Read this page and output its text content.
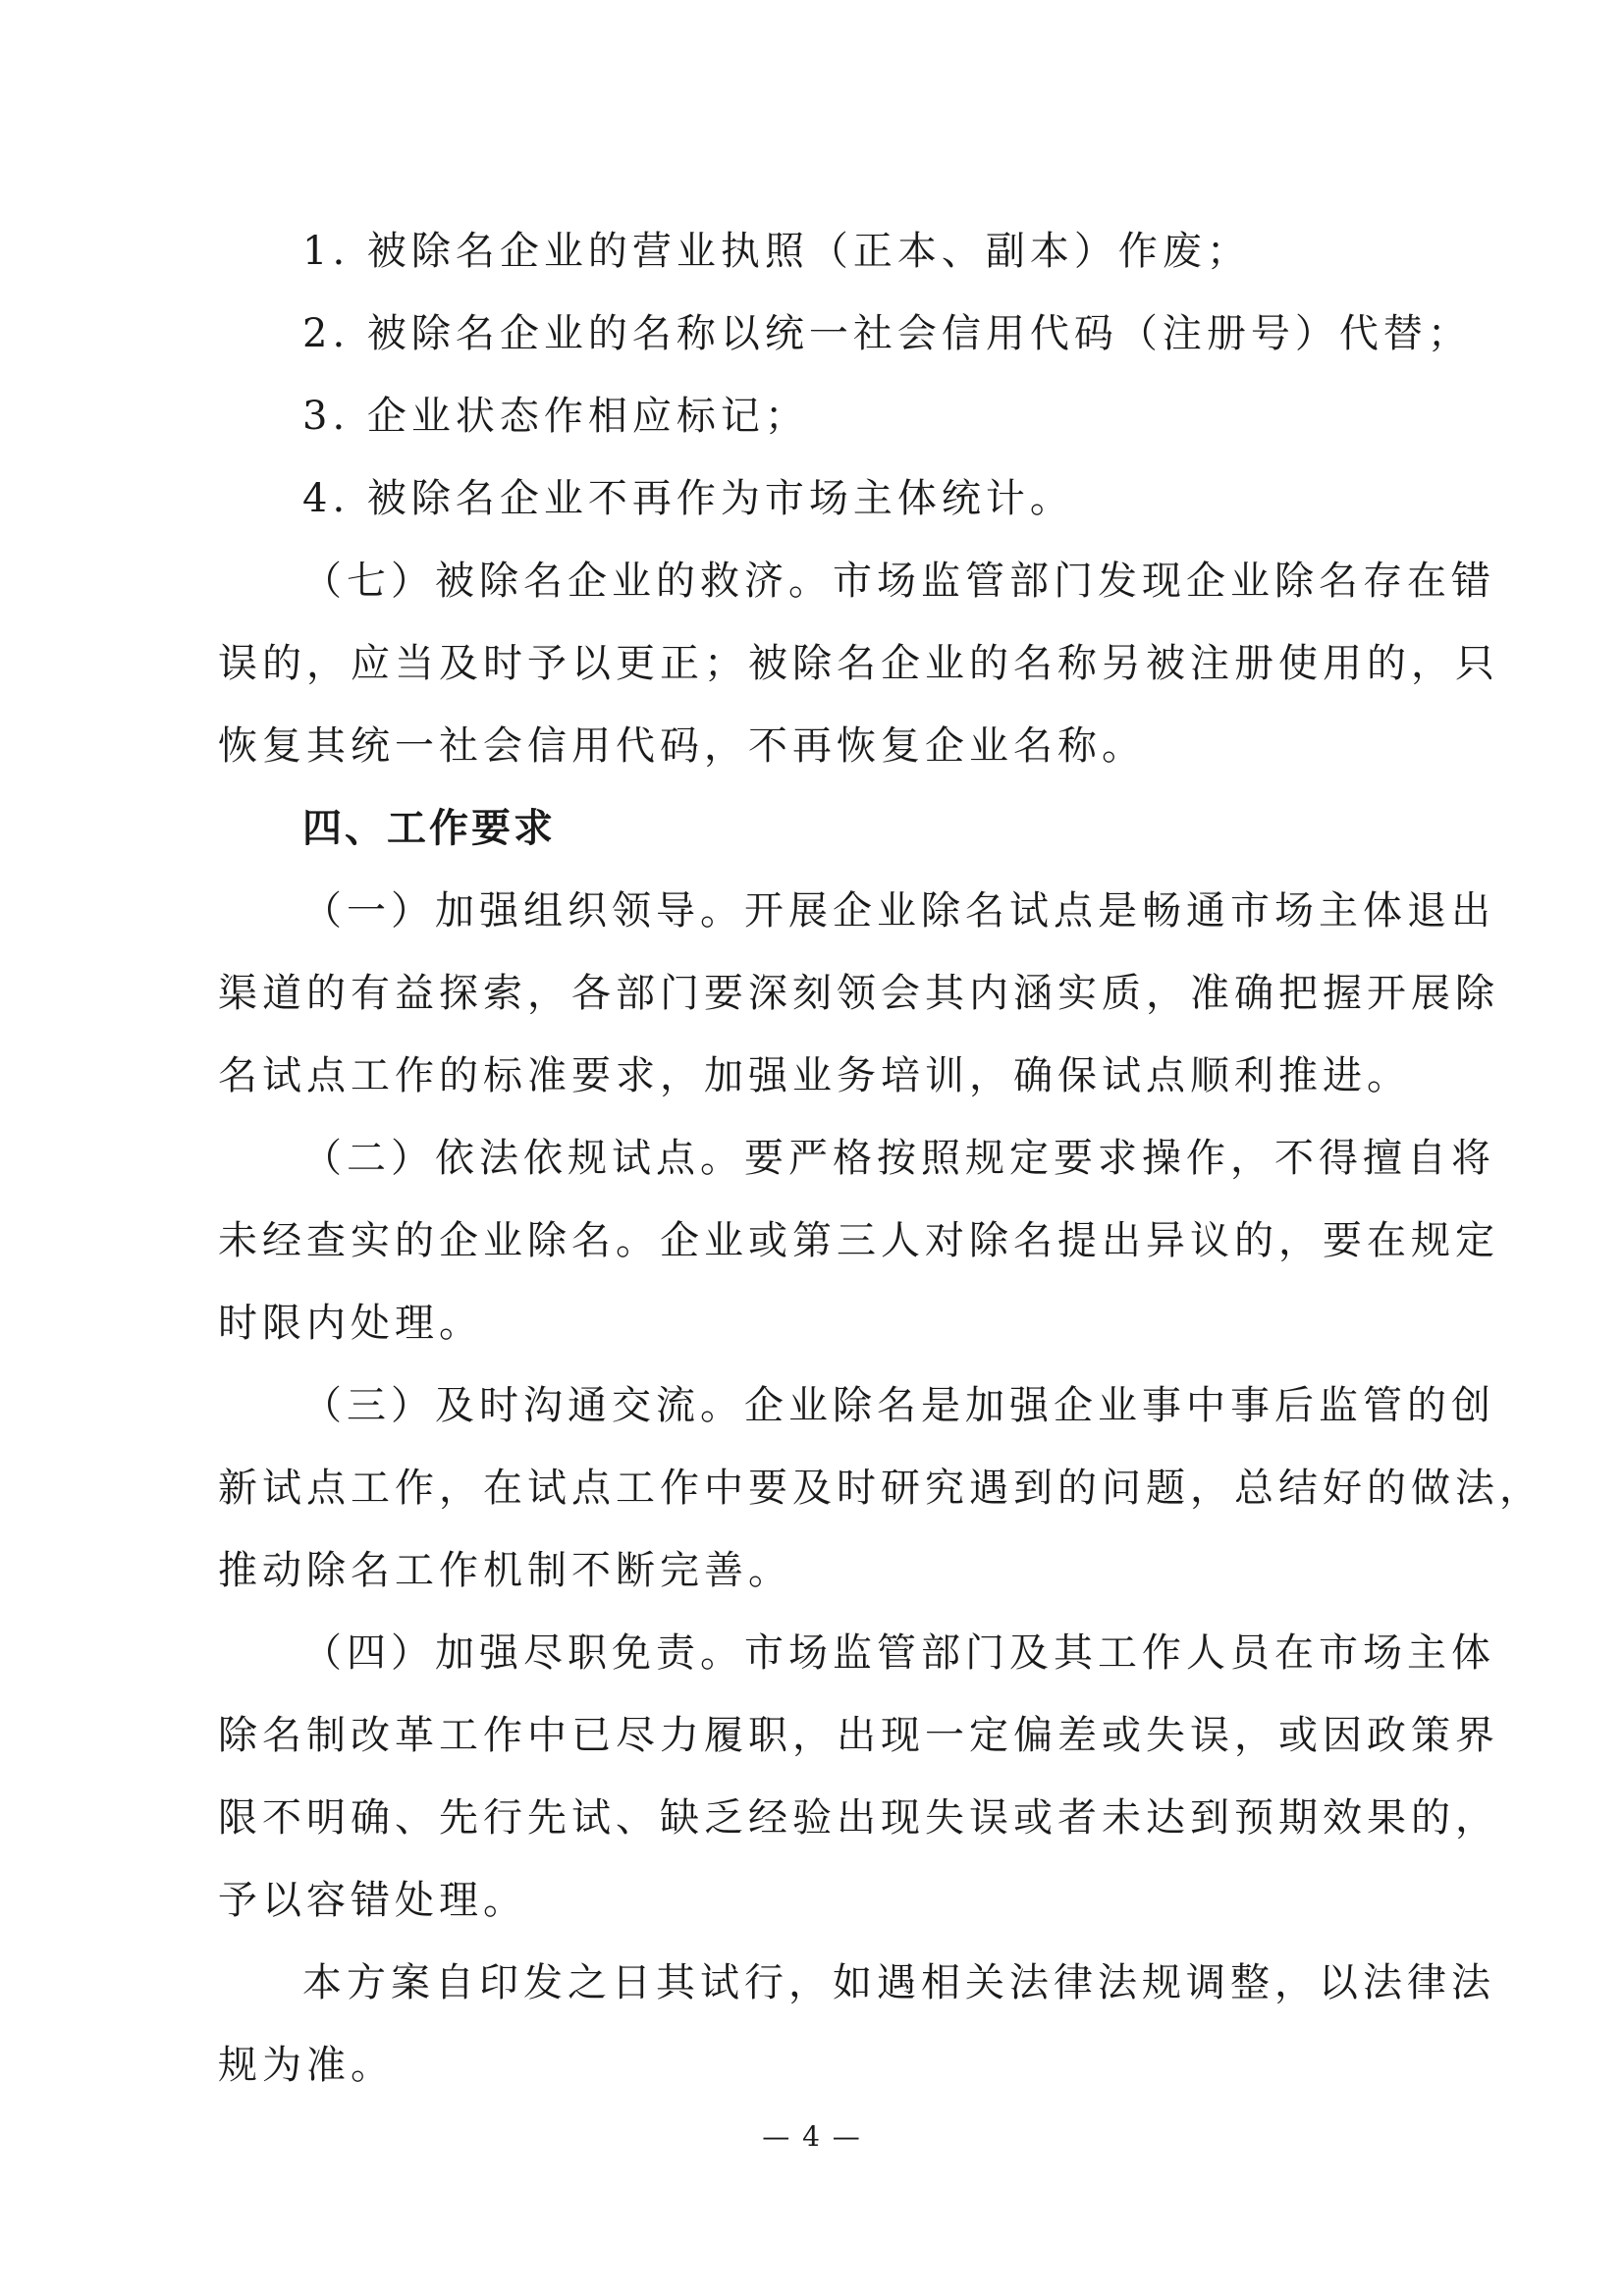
1. 被除名企业的营业执照（正本、副本）作废；
2. 被除名企业的名称以统一社会信用代码（注册号）代替；
3. 企业状态作相应标记；
4. 被除名企业不再作为市场主体统计。
（七）被除名企业的救济。市场监管部门发现企业除名存在错
误的，应当及时予以更正；被除名企业的名称另被注册使用的，只
恢复其统一社会信用代码，不再恢复企业名称。
四、工作要求
（一）加强组织领导。开展企业除名试点是畅通市场主体退出
渠道的有益探索，各部门要深刻领会其内涵实质，准确把握开展除
名试点工作的标准要求，加强业务培训，确保试点顺利推进。
（二）依法依规试点。要严格按照规定要求操作，不得擅自将
未经查实的企业除名。企业或第三人对除名提出异议的，要在规定
时限内处理。
（三）及时沟通交流。企业除名是加强企业事中事后监管的创
新试点工作，在试点工作中要及时研究遇到的问题，总结好的做法，
推动除名工作机制不断完善。
（四）加强尽职免责。市场监管部门及其工作人员在市场主体
除名制改革工作中已尽力履职，出现一定偏差或失误，或因政策界
限不明确、先行先试、缺乏经验出现失误或者未达到预期效果的，
予以容错处理。
本方案自印发之日其试行，如遇相关法律法规调整，以法律法
规为准。
— 4 —
